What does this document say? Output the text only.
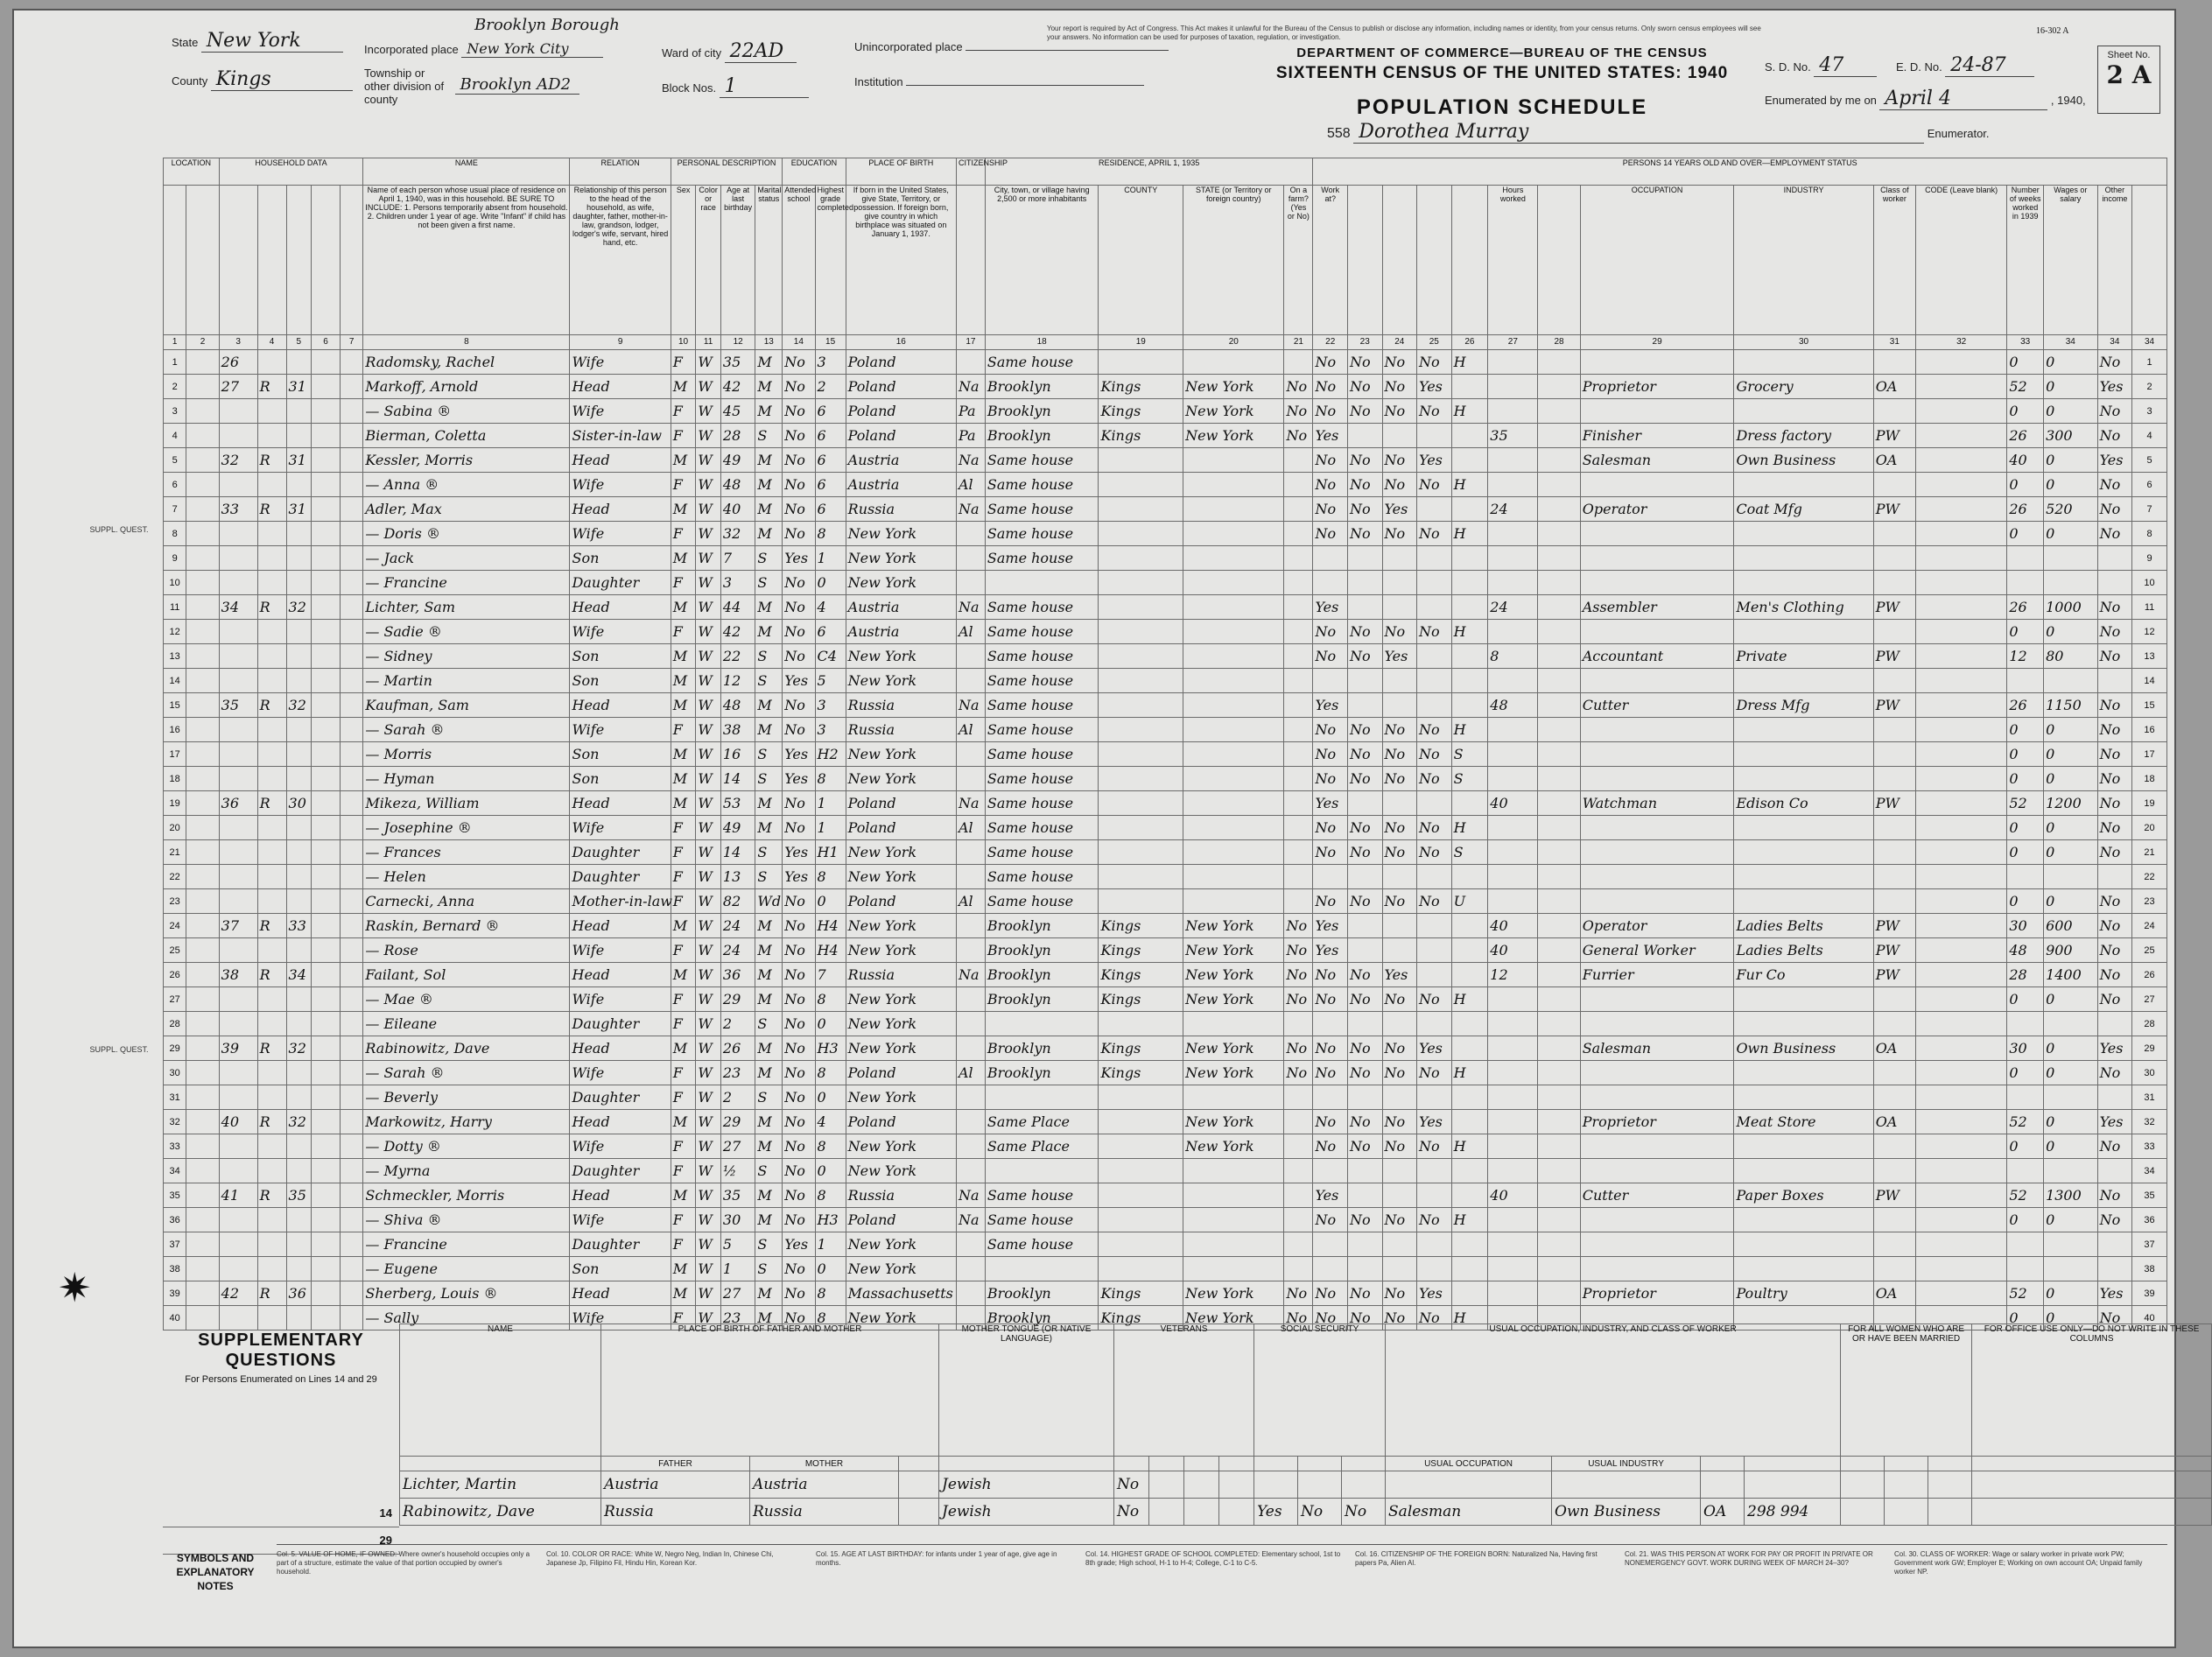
Your report is required by Act of Congress. This Act makes it unlawful for the Bureau of the Census to publish or disclose any information, including names or identity, from your census returns. Only sworn census employees will see your answers. No information can be used for purposes of taxation, regulation, or investigation.
16-302 A
State New York
County Kings
Brooklyn Borough
Incorporated place New York City	Ward of city 22AD
Township or other division of county Brooklyn AD2	Block Nos. 1
Unincorporated place
Institution
DEPARTMENT OF COMMERCE—BUREAU OF THE CENSUS
SIXTEENTH CENSUS OF THE UNITED STATES: 1940
POPULATION SCHEDULE
S. D. No. 47	E. D. No. 24-87	Sheet No.
2 A
Enumerated by me on April 4	, 1940,
558 Dorothea Murray	Enumerator.
LOCATION		HOUSEHOLD DATA					NAME	RELATION	PERSONAL DESCRIPTION				EDUCATION		PLACE OF BIRTH	CITIZENSHIP	RESIDENCE, APRIL 1, 1935				PERSONS 14 YEARS OLD AND OVER—EMPLOYMENT STATUS														
							Name of each person whose usual place of residence on April 1, 1940, was in this household. BE SURE TO INCLUDE: 1. Persons temporarily absent from household. 2. Children under 1 year of age. Write "Infant" if child has not been given a first name.	Relationship of this person to the head of the household, as wife, daughter, father, mother-in-law, grandson, lodger, lodger's wife, servant, hired hand, etc.	Sex	Color or race	Age at last birthday	Marital status	Attended school	Highest grade completed	If born in the United States, give State, Territory, or possession. If foreign born, give country in which birthplace was situated on January 1, 1937.		City, town, or village having 2,500 or more inhabitants	COUNTY	STATE (or Territory or foreign country)	On a farm? (Yes or No)	Work at?					Hours worked		OCCUPATION	INDUSTRY	Class of worker	CODE (Leave blank)	Number of weeks worked in 1939	Wages or salary	Other income	
1	2	3	4	5	6	7	8	9	10	11	12	13	14	15	16	17	18	19	20	21	22	23	24	25	26	27	28	29	30	31	32	33	34	34	34
1		26					Radomsky, Rachel	Wife	F	W	35	M	No	3	Poland		Same house				No	No	No	No	H							0	0	No	1
2		27	R	31			Markoff, Arnold	Head	M	W	42	M	No	2	Poland	Na	Brooklyn	Kings	New York	No	No	No	No	Yes				Proprietor	Grocery	OA		52	0	Yes	2
3							— Sabina ®	Wife	F	W	45	M	No	6	Poland	Pa	Brooklyn	Kings	New York	No	No	No	No	No	H							0	0	No	3
4							Bierman, Coletta	Sister-in-law	F	W	28	S	No	6	Poland	Pa	Brooklyn	Kings	New York	No	Yes					35		Finisher	Dress factory	PW		26	300	No	4
5		32	R	31			Kessler, Morris	Head	M	W	49	M	No	6	Austria	Na	Same house				No	No	No	Yes				Salesman	Own Business	OA		40	0	Yes	5
6							— Anna ®	Wife	F	W	48	M	No	6	Austria	Al	Same house				No	No	No	No	H							0	0	No	6
7		33	R	31			Adler, Max	Head	M	W	40	M	No	6	Russia	Na	Same house				No	No	Yes			24		Operator	Coat Mfg	PW		26	520	No	7
8							— Doris ®	Wife	F	W	32	M	No	8	New York		Same house				No	No	No	No	H							0	0	No	8
9							— Jack	Son	M	W	7	S	Yes	1	New York		Same house																		9
10							— Francine	Daughter	F	W	3	S	No	0	New York																				10
11		34	R	32			Lichter, Sam	Head	M	W	44	M	No	4	Austria	Na	Same house				Yes					24		Assembler	Men's Clothing	PW		26	1000	No	11
12							— Sadie ®	Wife	F	W	42	M	No	6	Austria	Al	Same house				No	No	No	No	H							0	0	No	12
13							— Sidney	Son	M	W	22	S	No	C4	New York		Same house				No	No	Yes			8		Accountant	Private	PW		12	80	No	13
14							— Martin	Son	M	W	12	S	Yes	5	New York		Same house																		14
15		35	R	32			Kaufman, Sam	Head	M	W	48	M	No	3	Russia	Na	Same house				Yes					48		Cutter	Dress Mfg	PW		26	1150	No	15
16							— Sarah ®	Wife	F	W	38	M	No	3	Russia	Al	Same house				No	No	No	No	H							0	0	No	16
17							— Morris	Son	M	W	16	S	Yes	H2	New York		Same house				No	No	No	No	S							0	0	No	17
18							— Hyman	Son	M	W	14	S	Yes	8	New York		Same house				No	No	No	No	S							0	0	No	18
19		36	R	30			Mikeza, William	Head	M	W	53	M	No	1	Poland	Na	Same house				Yes					40		Watchman	Edison Co	PW		52	1200	No	19
20							— Josephine ®	Wife	F	W	49	M	No	1	Poland	Al	Same house				No	No	No	No	H							0	0	No	20
21							— Frances	Daughter	F	W	14	S	Yes	H1	New York		Same house				No	No	No	No	S							0	0	No	21
22							— Helen	Daughter	F	W	13	S	Yes	8	New York		Same house																		22
23							Carnecki, Anna	Mother-in-law	F	W	82	Wd	No	0	Poland	Al	Same house				No	No	No	No	U							0	0	No	23
24		37	R	33			Raskin, Bernard ®	Head	M	W	24	M	No	H4	New York		Brooklyn	Kings	New York	No	Yes					40		Operator	Ladies Belts	PW		30	600	No	24
25							— Rose	Wife	F	W	24	M	No	H4	New York		Brooklyn	Kings	New York	No	Yes					40		General Worker	Ladies Belts	PW		48	900	No	25
26		38	R	34			Failant, Sol	Head	M	W	36	M	No	7	Russia	Na	Brooklyn	Kings	New York	No	No	No	Yes			12		Furrier	Fur Co	PW		28	1400	No	26
27							— Mae ®	Wife	F	W	29	M	No	8	New York		Brooklyn	Kings	New York	No	No	No	No	No	H							0	0	No	27
28							— Eileane	Daughter	F	W	2	S	No	0	New York																				28
29		39	R	32			Rabinowitz, Dave	Head	M	W	26	M	No	H3	New York		Brooklyn	Kings	New York	No	No	No	No	Yes				Salesman	Own Business	OA		30	0	Yes	29
30							— Sarah ®	Wife	F	W	23	M	No	8	Poland	Al	Brooklyn	Kings	New York	No	No	No	No	No	H							0	0	No	30
31							— Beverly	Daughter	F	W	2	S	No	0	New York																				31
32		40	R	32			Markowitz, Harry	Head	M	W	29	M	No	4	Poland		Same Place		New York		No	No	No	Yes				Proprietor	Meat Store	OA		52	0	Yes	32
33							— Dotty ®	Wife	F	W	27	M	No	8	New York		Same Place		New York		No	No	No	No	H							0	0	No	33
34							— Myrna	Daughter	F	W	½	S	No	0	New York																				34
35		41	R	35			Schmeckler, Morris	Head	M	W	35	M	No	8	Russia	Na	Same house				Yes					40		Cutter	Paper Boxes	PW		52	1300	No	35
36							— Shiva ®	Wife	F	W	30	M	No	H3	Poland	Na	Same house				No	No	No	No	H							0	0	No	36
37							— Francine	Daughter	F	W	5	S	Yes	1	New York		Same house																		37
38							— Eugene	Son	M	W	1	S	No	0	New York																				38
39		42	R	36			Sherberg, Louis ®	Head	M	W	27	M	No	8	Massachusetts		Brooklyn	Kings	New York	No	No	No	No	Yes				Proprietor	Poultry	OA		52	0	Yes	39
40							— Sally	Wife	F	W	23	M	No	8	New York		Brooklyn	Kings	New York	No	No	No	No	No	H							0	0	No	40
SUPPL. QUEST.
SUPPL. QUEST.
✷
SUPPLEMENTARY QUESTIONS
For Persons Enumerated on Lines 14 and 29
NAME	PLACE OF BIRTH OF FATHER AND MOTHER			MOTHER TONGUE (OR NATIVE LANGUAGE)	VETERANS				SOCIAL SECURITY			USUAL OCCUPATION, INDUSTRY, AND CLASS OF WORKER				FOR ALL WOMEN WHO ARE OR HAVE BEEN MARRIED			FOR OFFICE USE ONLY—DO NOT WRITE IN THESE COLUMNS
	FATHER	MOTHER										USUAL OCCUPATION	USUAL INDUSTRY						
Lichter, Martin	Austria	Austria		Jewish	No														
Rabinowitz, Dave	Russia	Russia		Jewish	No				Yes	No	No	Salesman	Own Business	OA	298 994				
14
29
SYMBOLS AND EXPLANATORY NOTES
Col. 5. VALUE OF HOME, IF OWNED: Where owner's household occupies only a part of a structure, estimate the value of that portion occupied by owner's household.
Col. 10. COLOR OR RACE: White W, Negro Neg, Indian In, Chinese Chi, Japanese Jp, Filipino Fil, Hindu Hin, Korean Kor.
Col. 15. AGE AT LAST BIRTHDAY: for infants under 1 year of age, give age in months.
Col. 14. HIGHEST GRADE OF SCHOOL COMPLETED: Elementary school, 1st to 8th grade; High school, H-1 to H-4; College, C-1 to C-5.
Col. 16. CITIZENSHIP OF THE FOREIGN BORN: Naturalized Na, Having first papers Pa, Alien Al.
Col. 21. WAS THIS PERSON AT WORK FOR PAY OR PROFIT IN PRIVATE OR NONEMERGENCY GOVT. WORK DURING WEEK OF MARCH 24–30?
Col. 30. CLASS OF WORKER: Wage or salary worker in private work PW; Government work GW; Employer E; Working on own account OA; Unpaid family worker NP.
